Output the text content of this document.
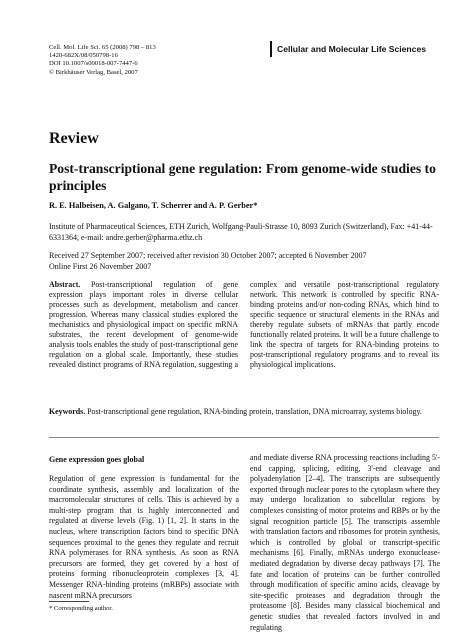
Cell. Mol. Life Sci. 65 (2008) 798 – 813
1420-682X/08/050798-16
DOI 10.1007/s00018-007-7447-6
© Birkhäuser Verlag, Basel, 2007
Cellular and Molecular Life Sciences
Review
Post-transcriptional gene regulation: From genome-wide studies to principles
R. E. Halbeisen, A. Galgano, T. Scherrer and A. P. Gerber*
Institute of Pharmaceutical Sciences, ETH Zurich, Wolfgang-Pauli-Strasse 10, 8093 Zurich (Switzerland), Fax: +41-44-6331364, e-mail: andre.gerber@pharma.ethz.ch
Received 27 September 2007; received after revision 30 October 2007; accepted 6 November 2007
Online First 26 November 2007
Abstract. Post-transcriptional regulation of gene expression plays important roles in diverse cellular processes such as development, metabolism and cancer progression. Whereas many classical studies explored the mechanistics and physiological impact on specific mRNA substrates, the recent development of genome-wide analysis tools enables the study of post-transcriptional gene regulation on a global scale. Importantly, these studies revealed distinct programs of RNA regulation, suggesting a complex and versatile post-transcriptional regulatory network. This network is controlled by specific RNA-binding proteins and/or non-coding RNAs, which bind to specific sequence or structural elements in the RNAs and thereby regulate subsets of mRNAs that partly encode functionally related proteins. It will be a future challenge to link the spectra of targets for RNA-binding proteins to post-transcriptional regulatory programs and to reveal its physiological implications.
Keywords. Post-transcriptional gene regulation, RNA-binding protein, translation, DNA microarray, systems biology.
Gene expression goes global

Regulation of gene expression is fundamental for the coordinate synthesis, assembly and localization of the macromolecular structures of cells. This is achieved by a multi-step program that is highly interconnected and regulated at diverse levels (Fig. 1) [1, 2]. It starts in the nucleus, where transcription factors bind to specific DNA sequences proximal to the genes they regulate and recruit RNA polymerases for RNA synthesis. As soon as RNA precursors are formed, they get covered by a host of proteins forming ribonucleoprotein complexes [3, 4]. Messenger RNA-binding proteins (mRBPs) associate with nascent mRNA precursors

and mediate diverse RNA processing reactions including 5'-end capping, splicing, editing, 3'-end cleavage and polyadenylation [2–4]. The transcripts are subsequently exported through nuclear pores to the cytoplasm where they may undergo localization to subcellular regions by complexes consisting of motor proteins and RBPs or by the signal recognition particle [5]. The transcripts assemble with translation factors and ribosomes for protein synthesis, which is controlled by global or transcript-specific mechanisms [6]. Finally, mRNAs undergo exonuclease-mediated degradation by diverse decay pathways [7]. The fate and location of proteins can be further controlled through modification of specific amino acids, cleavage by site-specific proteases and degradation through the proteasome [8]. Besides many classical biochemical and genetic studies that revealed factors involved in and regulating

* Corresponding author.
